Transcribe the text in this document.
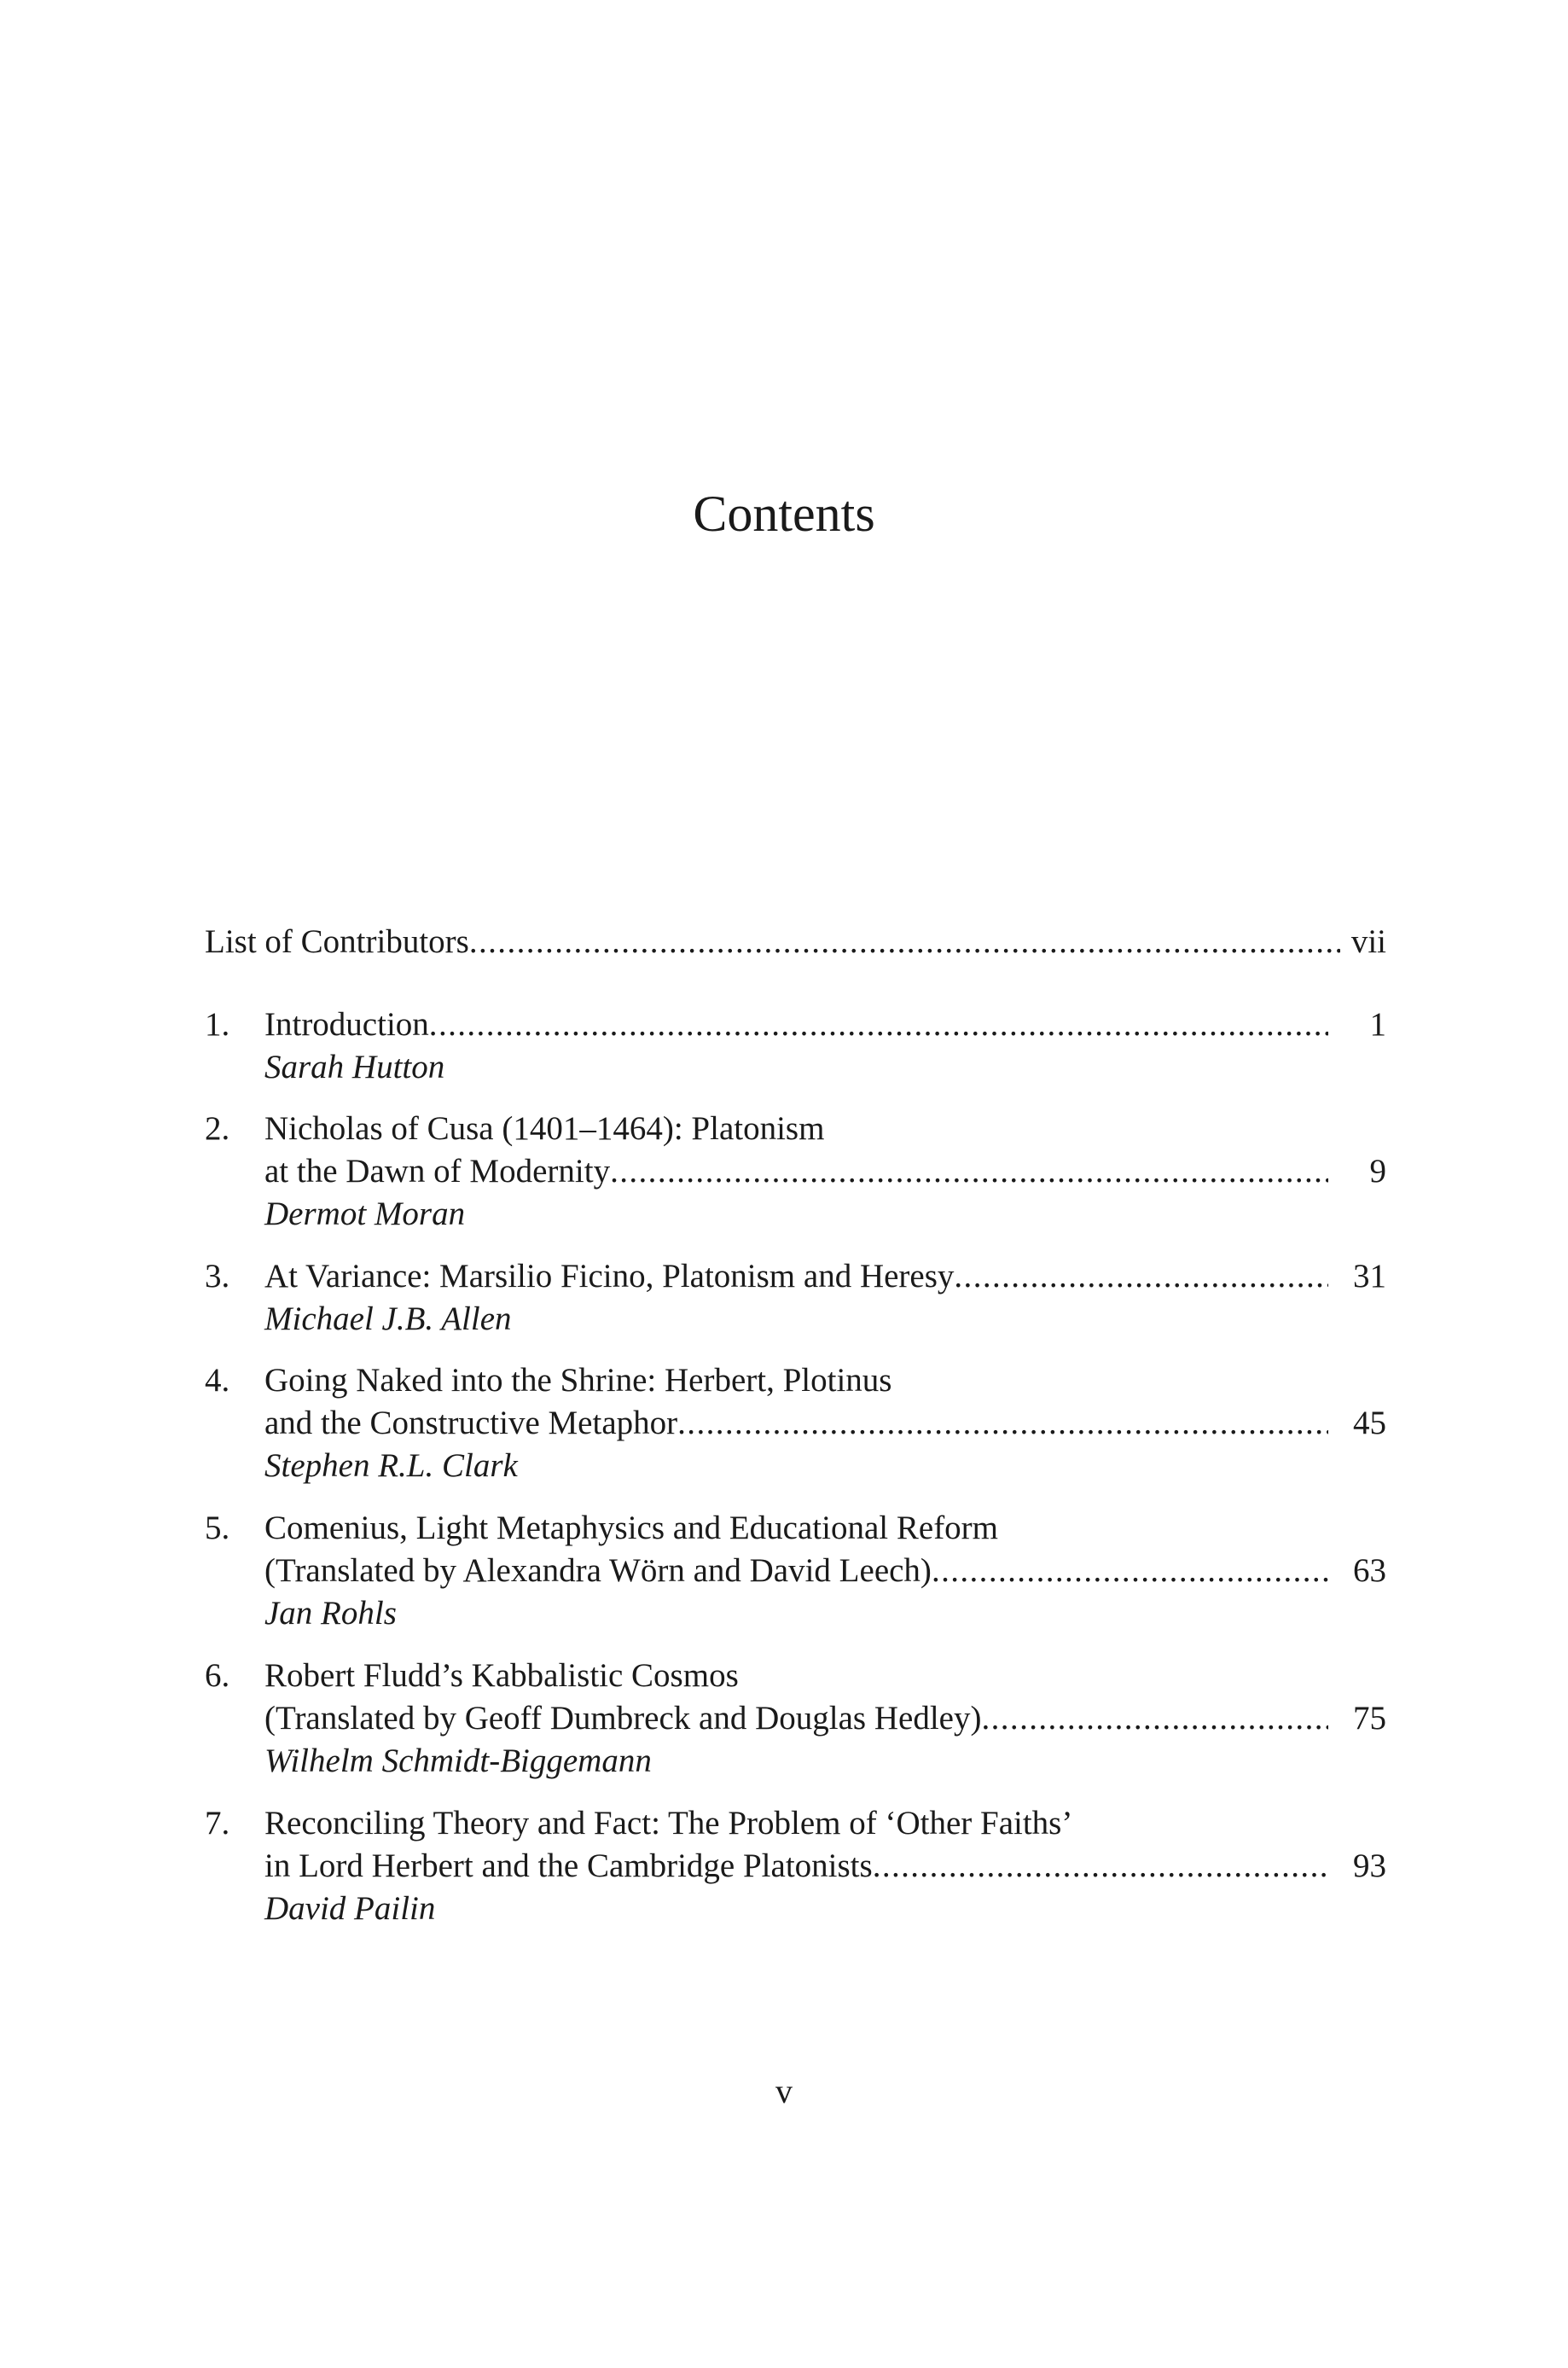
Contents
List of Contributors .....	vii
1. Introduction .....	1
Sarah Hutton
2. Nicholas of Cusa (1401–1464): Platonism
at the Dawn of Modernity .....	9
Dermot Moran
3. At Variance: Marsilio Ficino, Platonism and Heresy .....	31
Michael J.B. Allen
4. Going Naked into the Shrine: Herbert, Plotinus
and the Constructive Metaphor .....	45
Stephen R.L. Clark
5. Comenius, Light Metaphysics and Educational Reform
(Translated by Alexandra Wörn and David Leech) .....	63
Jan Rohls
6. Robert Fludd’s Kabbalistic Cosmos
(Translated by Geoff Dumbreck and Douglas Hedley) .....	75
Wilhelm Schmidt-Biggemann
7. Reconciling Theory and Fact: The Problem of ‘Other Faiths’
in Lord Herbert and the Cambridge Platonists .....	93
David Pailin
v
